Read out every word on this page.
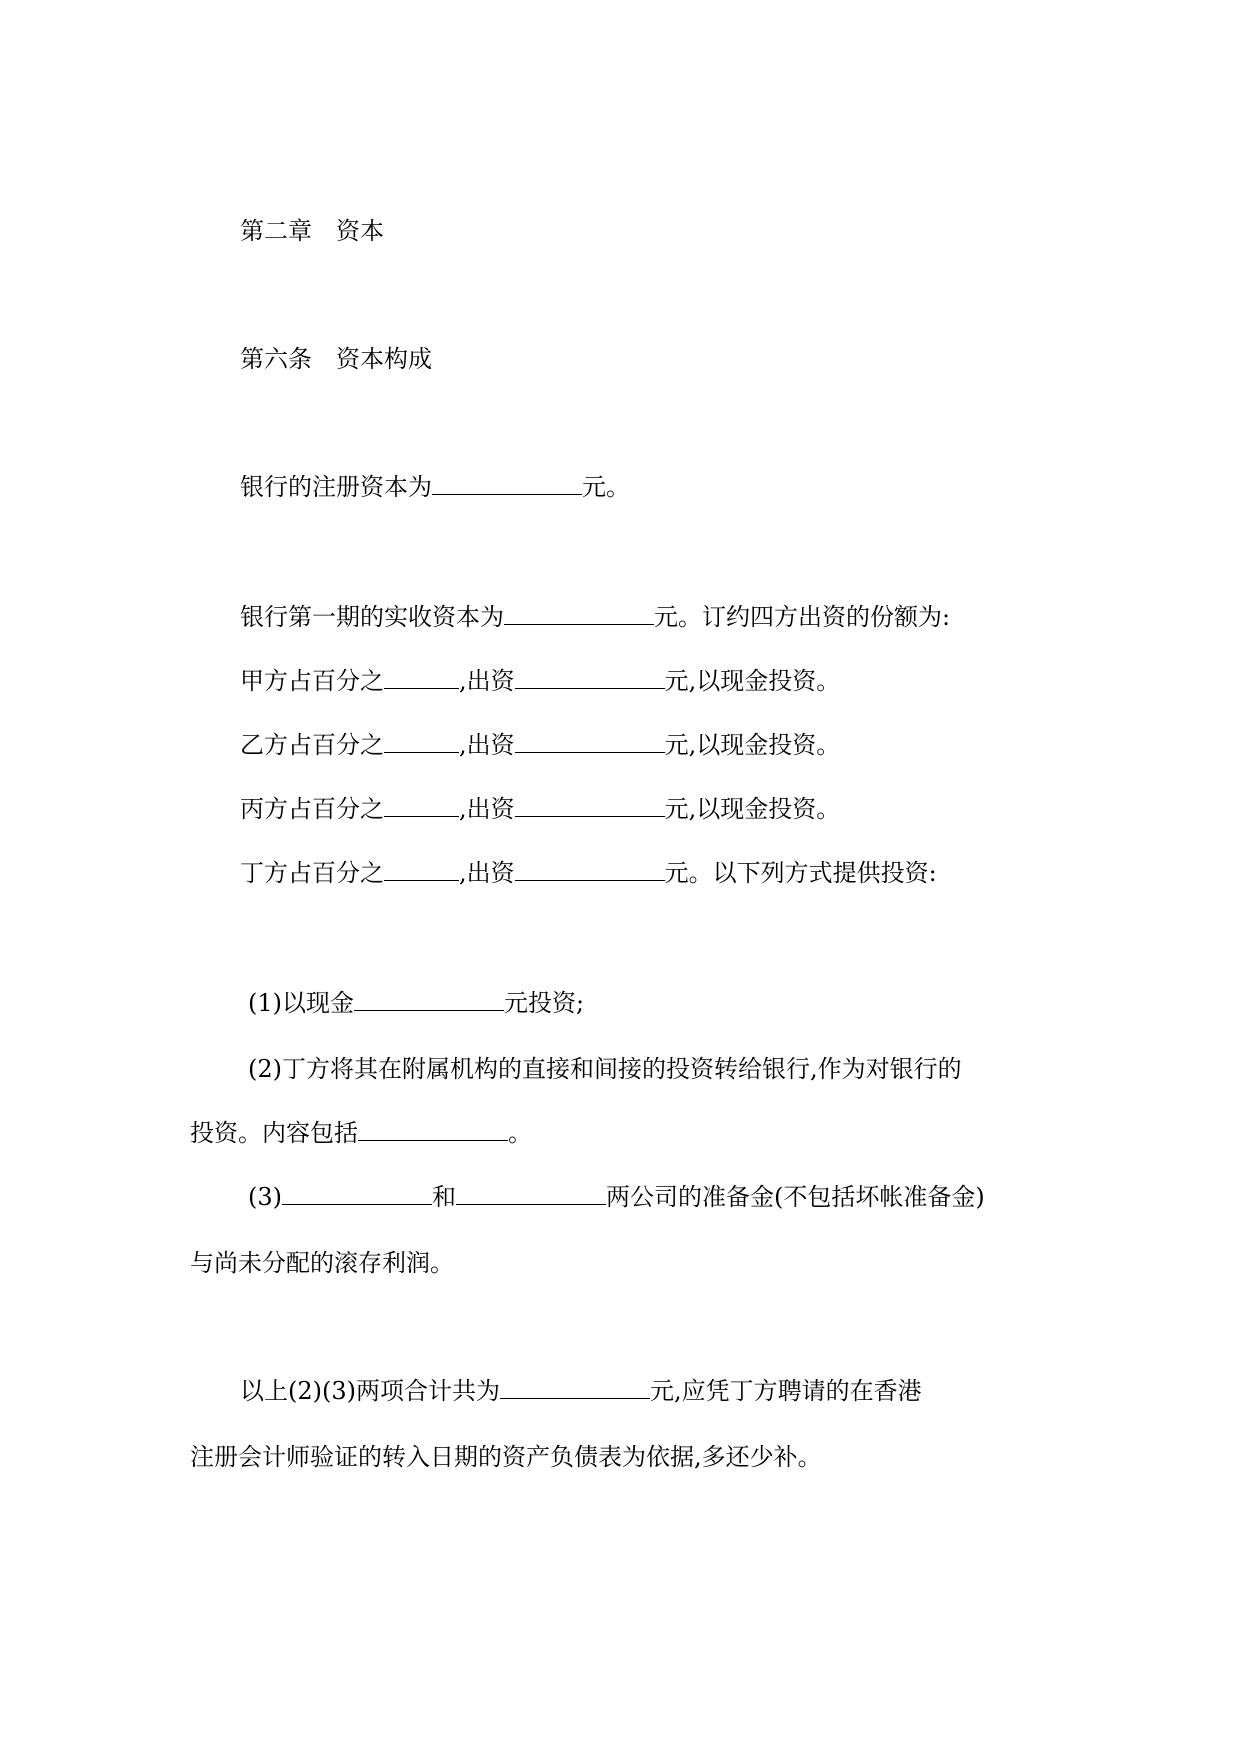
第二章 资本
第六条 资本构成
银行的注册资本为	元。
银行第一期的实收资本为	元。订约四方出资的份额为:
甲方占百分之	,出资	元,以现金投资。
乙方占百分之	,出资	元,以现金投资。
丙方占百分之	,出资	元,以现金投资。
丁方占百分之	,出资	元。以下列方式提供投资:
(1)以现金	元投资;
(2)丁方将其在附属机构的直接和间接的投资转给银行,作为对银行的
投资。内容包括	。
(3)	和	两公司的准备金(不包括坏帐准备金)
与尚未分配的滚存利润。
以上(2)(3)两项合计共为	元,应凭丁方聘请的在香港
注册会计师验证的转入日期的资产负债表为依据,多还少补。
